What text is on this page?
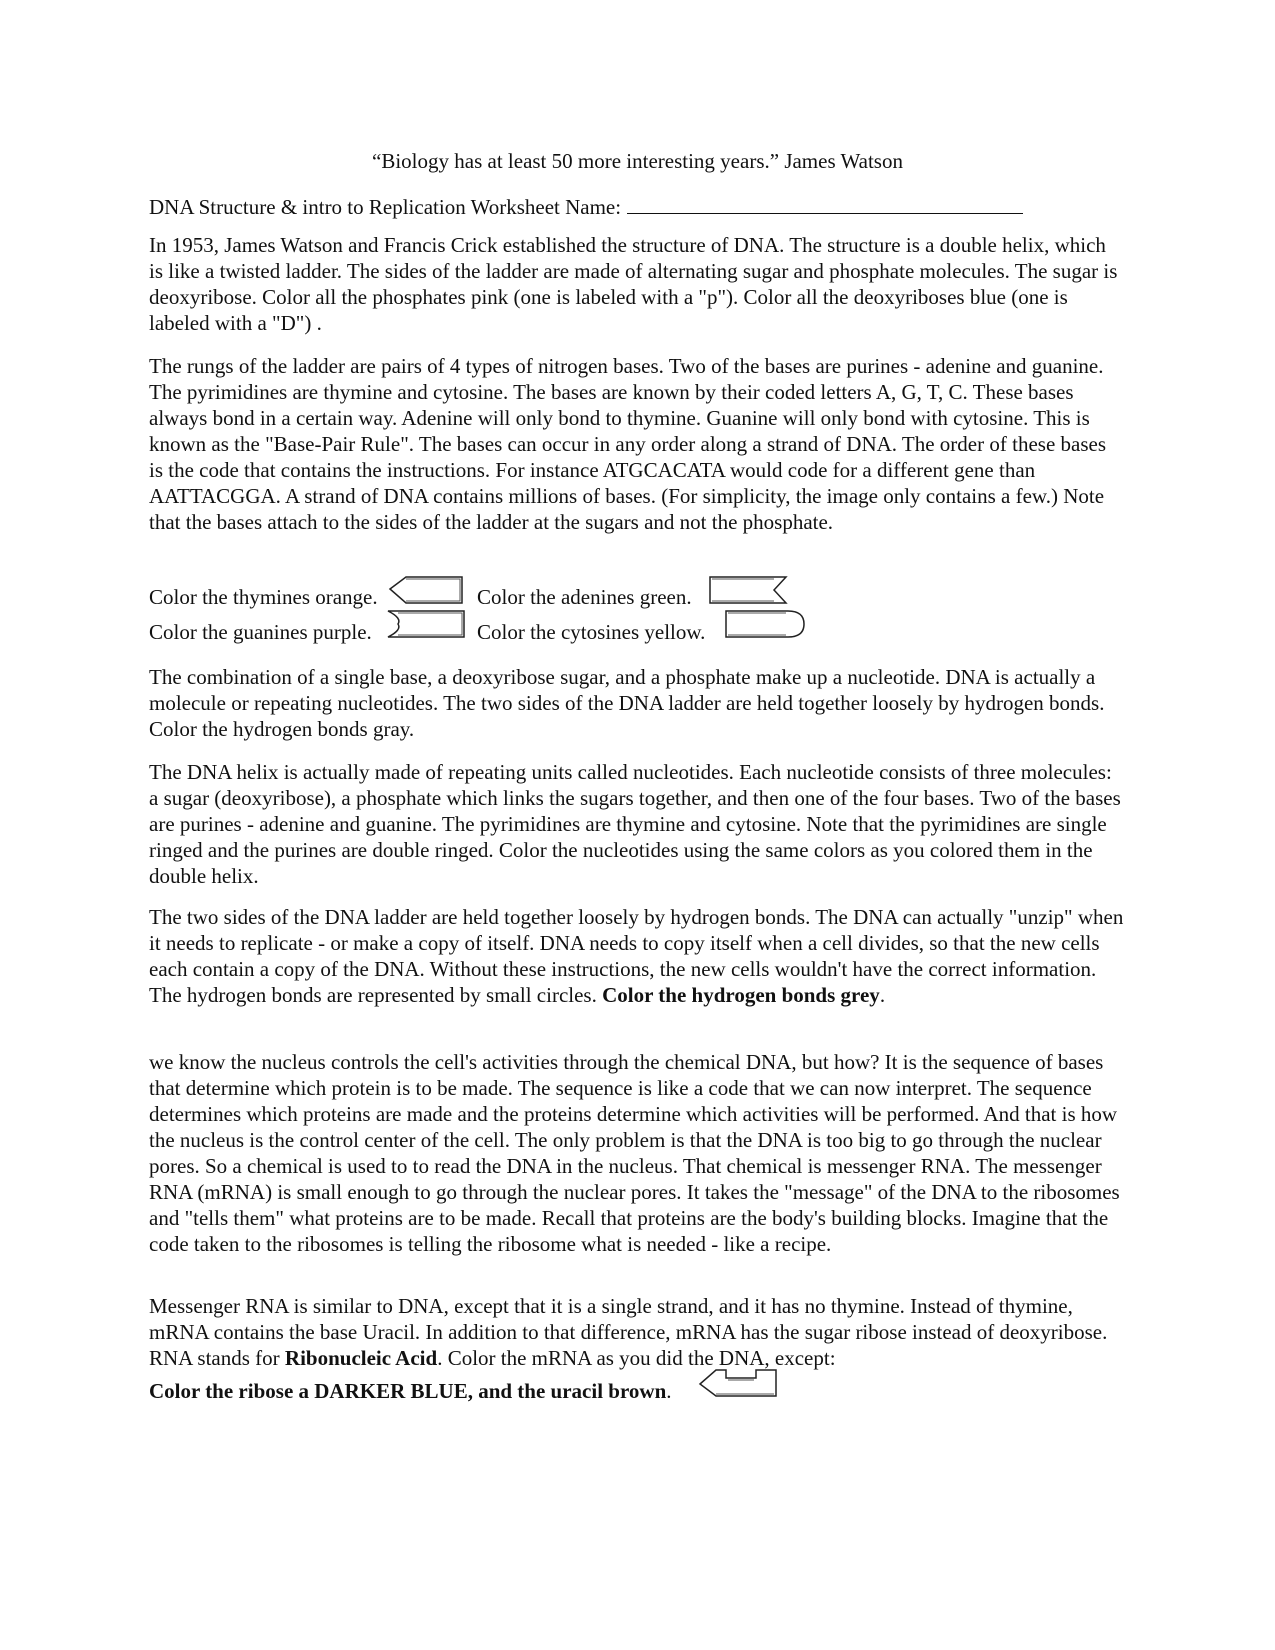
“Biology has at least 50 more interesting years.” James Watson
DNA Structure & intro to Replication Worksheet Name:

In 1953, James Watson and Francis Crick established the structure of DNA. The structure is a double helix, which is like a twisted ladder. The sides of the ladder are made of alternating sugar and phosphate molecules. The sugar is deoxyribose. Color all the phosphates pink (one is labeled with a "p"). Color all the deoxyriboses blue (one is labeled with a "D") .

The rungs of the ladder are pairs of 4 types of nitrogen bases. Two of the bases are purines - adenine and guanine. The pyrimidines are thymine and cytosine. The bases are known by their coded letters A, G, T, C. These bases always bond in a certain way. Adenine will only bond to thymine. Guanine will only bond with cytosine. This is known as the "Base-Pair Rule". The bases can occur in any order along a strand of DNA. The order of these bases is the code that contains the instructions. For instance ATGCACATA would code for a different gene than AATTACGGA. A strand of DNA contains millions of bases. (For simplicity, the image only contains a few.) Note that the bases attach to the sides of the ladder at the sugars and not the phosphate.

Color the thymines orange.	Color the adenines green.
Color the guanines purple.	Color the cytosines yellow.

The combination of a single base, a deoxyribose sugar, and a phosphate make up a nucleotide. DNA is actually a molecule or repeating nucleotides. The two sides of the DNA ladder are held together loosely by hydrogen bonds. Color the hydrogen bonds gray.

The DNA helix is actually made of repeating units called nucleotides. Each nucleotide consists of three molecules: a sugar (deoxyribose), a phosphate which links the sugars together, and then one of the four bases. Two of the bases are purines - adenine and guanine. The pyrimidines are thymine and cytosine. Note that the pyrimidines are single ringed and the purines are double ringed. Color the nucleotides using the same colors as you colored them in the double helix.

The two sides of the DNA ladder are held together loosely by hydrogen bonds. The DNA can actually "unzip" when it needs to replicate - or make a copy of itself. DNA needs to copy itself when a cell divides, so that the new cells each contain a copy of the DNA. Without these instructions, the new cells wouldn't have the correct information. The hydrogen bonds are represented by small circles. Color the hydrogen bonds grey.

we know the nucleus controls the cell's activities through the chemical DNA, but how? It is the sequence of bases that determine which protein is to be made. The sequence is like a code that we can now interpret. The sequence determines which proteins are made and the proteins determine which activities will be performed. And that is how the nucleus is the control center of the cell. The only problem is that the DNA is too big to go through the nuclear pores. So a chemical is used to to read the DNA in the nucleus. That chemical is messenger RNA. The messenger RNA (mRNA) is small enough to go through the nuclear pores. It takes the "message" of the DNA to the ribosomes and "tells them" what proteins are to be made. Recall that proteins are the body's building blocks. Imagine that the code taken to the ribosomes is telling the ribosome what is needed - like a recipe.

Messenger RNA is similar to DNA, except that it is a single strand, and it has no thymine. Instead of thymine, mRNA contains the base Uracil. In addition to that difference, mRNA has the sugar ribose instead of deoxyribose. RNA stands for Ribonucleic Acid. Color the mRNA as you did the DNA, except:

Color the ribose a DARKER BLUE, and the uracil brown.
